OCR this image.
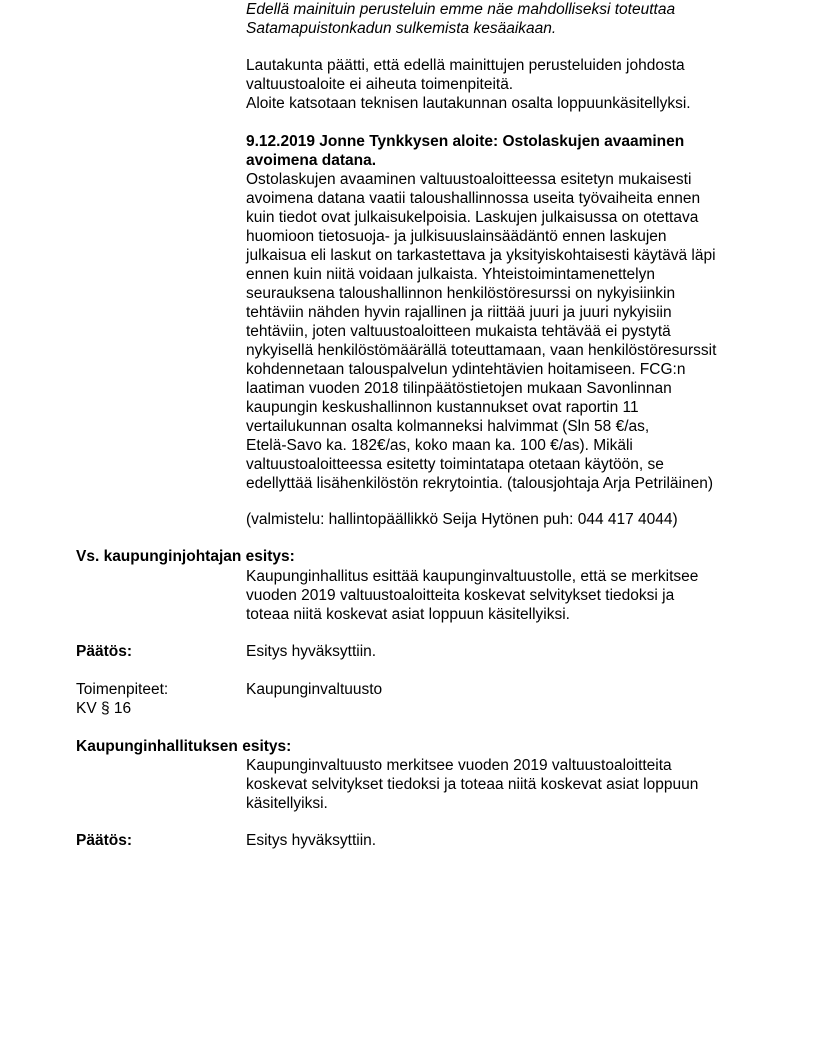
Edellä mainituin perusteluin emme näe mahdolliseksi toteuttaa
Satamapuistonkadun sulkemista kesäaikaan.
Lautakunta päätti, että edellä mainittujen perusteluiden johdosta
valtuustoaloite ei aiheuta toimenpiteitä.
Aloite katsotaan teknisen lautakunnan osalta loppuunkäsitellyksi.
9.12.2019 Jonne Tynkkysen aloite: Ostolaskujen avaaminen
avoimena datana.
Ostolaskujen avaaminen valtuustoaloitteessa esitetyn mukaisesti
avoimena datana vaatii taloushallinnossa useita työvaiheita ennen
kuin tiedot ovat julkaisukelpoisia. Laskujen julkaisussa on otettava
huomioon tietosuoja- ja julkisuuslainsäädäntö ennen laskujen
julkaisua eli laskut on tarkastettava ja yksityiskohtaisesti käytävä läpi
ennen kuin niitä voidaan julkaista. Yhteistoimintamenettelyn
seurauksena taloushallinnon henkilöstöresurssi on nykyisiinkin
tehtäviin nähden hyvin rajallinen ja riittää juuri ja juuri nykyisiin
tehtäviin, joten valtuustoaloitteen mukaista tehtävää ei pystytä
nykyisellä henkilöstömäärällä toteuttamaan, vaan henkilöstöresurssit
kohdennetaan talouspalvelun ydintehtävien hoitamiseen. FCG:n
laatiman vuoden 2018 tilinpäätöstietojen mukaan Savonlinnan
kaupungin keskushallinnon kustannukset ovat raportin 11
vertailukunnan osalta kolmanneksi halvimmat (Sln 58 €/as,
Etelä-Savo ka. 182€/as, koko maan ka. 100 €/as). Mikäli
valtuustoaloitteessa esitetty toimintatapa otetaan käytöön, se
edellyttää lisähenkilöstön rekrytointia. (talousjohtaja Arja Petriläinen)
(valmistelu: hallintopäällikkö Seija Hytönen puh: 044 417 4044)
Vs. kaupunginjohtajan esitys:
Kaupunginhallitus esittää kaupunginvaltuustolle, että se merkitsee
vuoden 2019 valtuustoaloitteita koskevat selvitykset tiedoksi ja
toteaa niitä koskevat asiat loppuun käsitellyiksi.
Päätös:	Esitys hyväksyttiin.
Toimenpiteet:
KV § 16
Kaupunginvaltuusto
Kaupunginhallituksen esitys:
Kaupunginvaltuusto merkitsee vuoden 2019 valtuustoaloitteita
koskevat selvitykset tiedoksi ja toteaa niitä koskevat asiat loppuun
käsitellyiksi.
Päätös:	Esitys hyväksyttiin.
